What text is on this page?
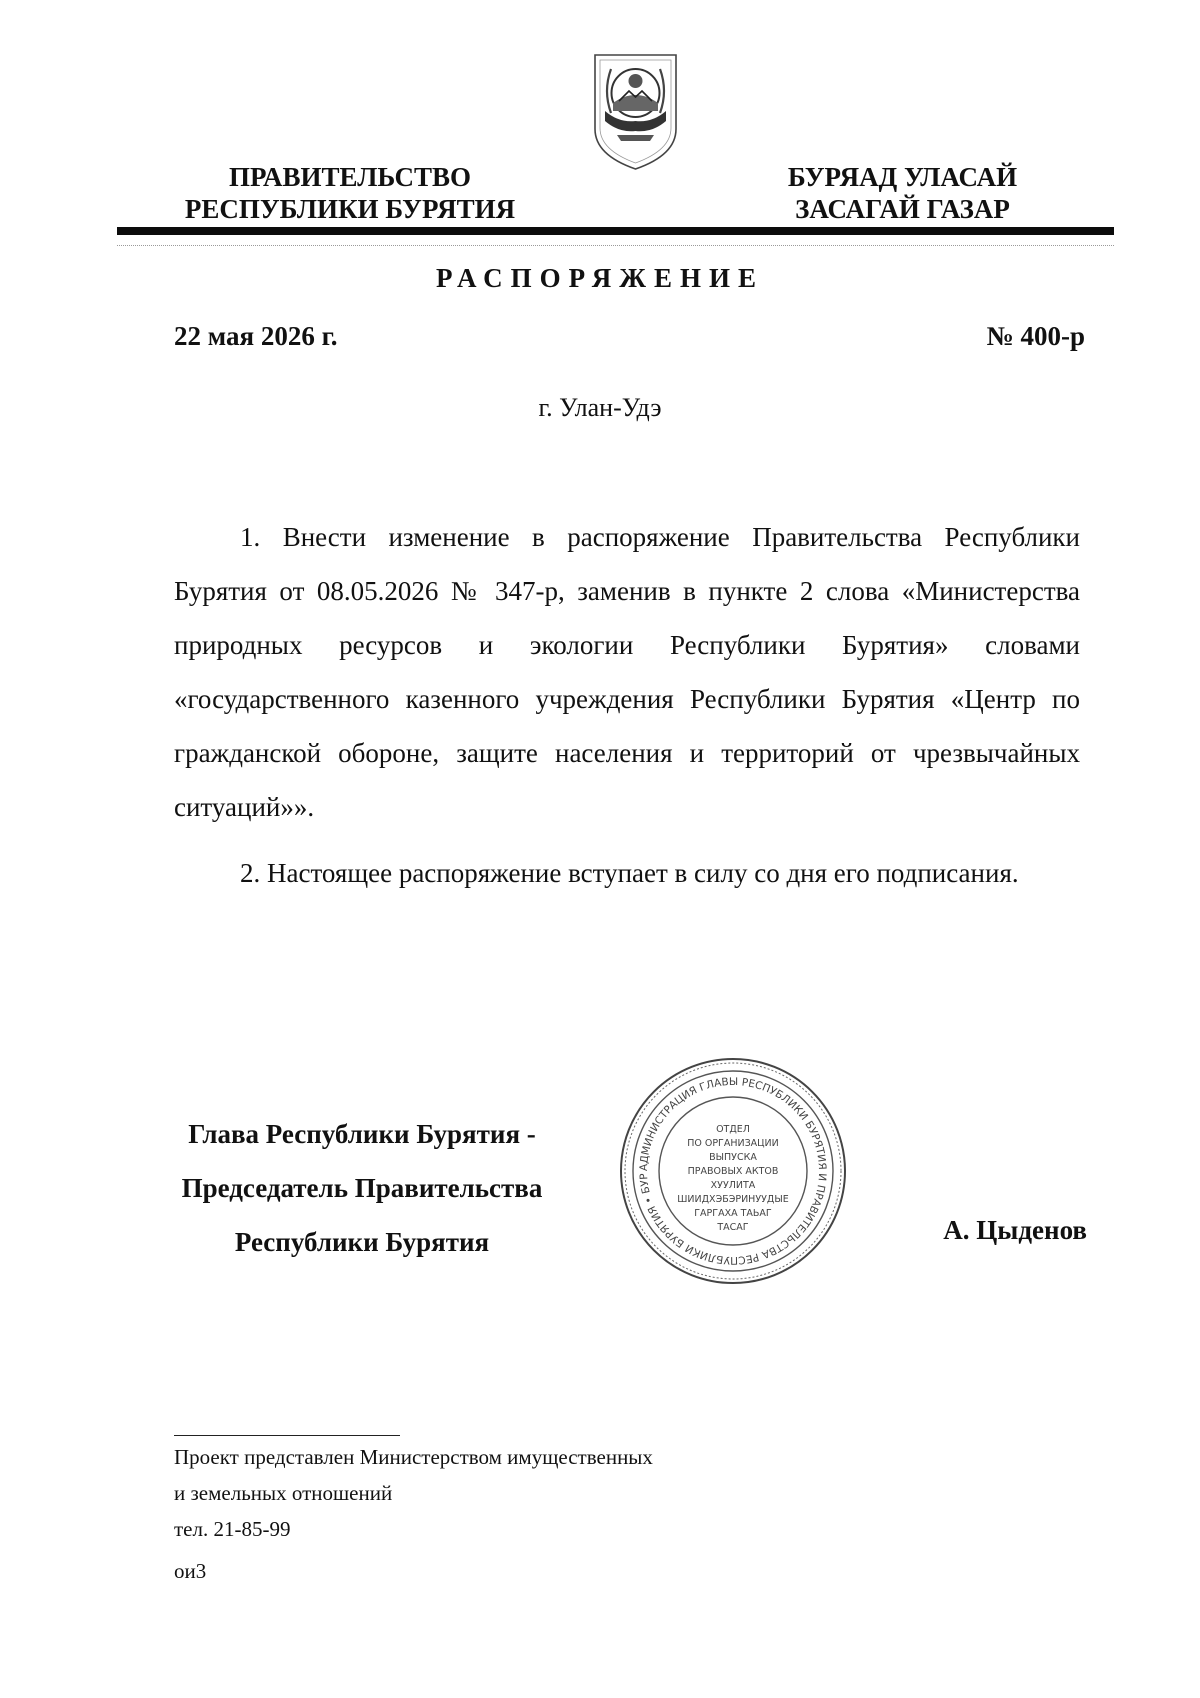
ПРАВИТЕЛЬСТВО
РЕСПУБЛИКИ БУРЯТИЯ
БУРЯАД УЛАСАЙ
ЗАСАГАЙ ГАЗАР
РАСПОРЯЖЕНИЕ
22 мая 2026 г.	№ 400-р
г. Улан-Удэ
1. Внести изменение в распоряжение Правительства Республики Бурятия от 08.05.2026 № 347-р, заменив в пункте 2 слова «Министерства природных ресурсов и экологии Республики Бурятия» словами «государственного казенного учреждения Республики Бурятия «Центр по гражданской обороне, защите населения и территорий от чрезвычайных ситуаций»».
2. Настоящее распоряжение вступает в силу со дня его подписания.
Глава Республики Бурятия -
Председатель Правительства
Республики Бурятия	А. Цыденов
АДМИНИСТРАЦИЯ ГЛАВЫ РЕСПУБЛИКИ БУРЯТИЯ И ПРАВИТЕЛЬСТВА РЕСПУБЛИКИ БУРЯТИЯ • БУР
ОТДЕЛ
ПО ОРГАНИЗАЦИИ
ВЫПУСКА
ПРАВОВЫХ АКТОВ
ХУУЛИТА
ШИИДХЭБЭРИНУУДЫЕ
ГАРГАХА ТАЬАГ
ТАСАГ
Проект представлен Министерством имущественных
и земельных отношений
тел. 21-85-99
ои3
